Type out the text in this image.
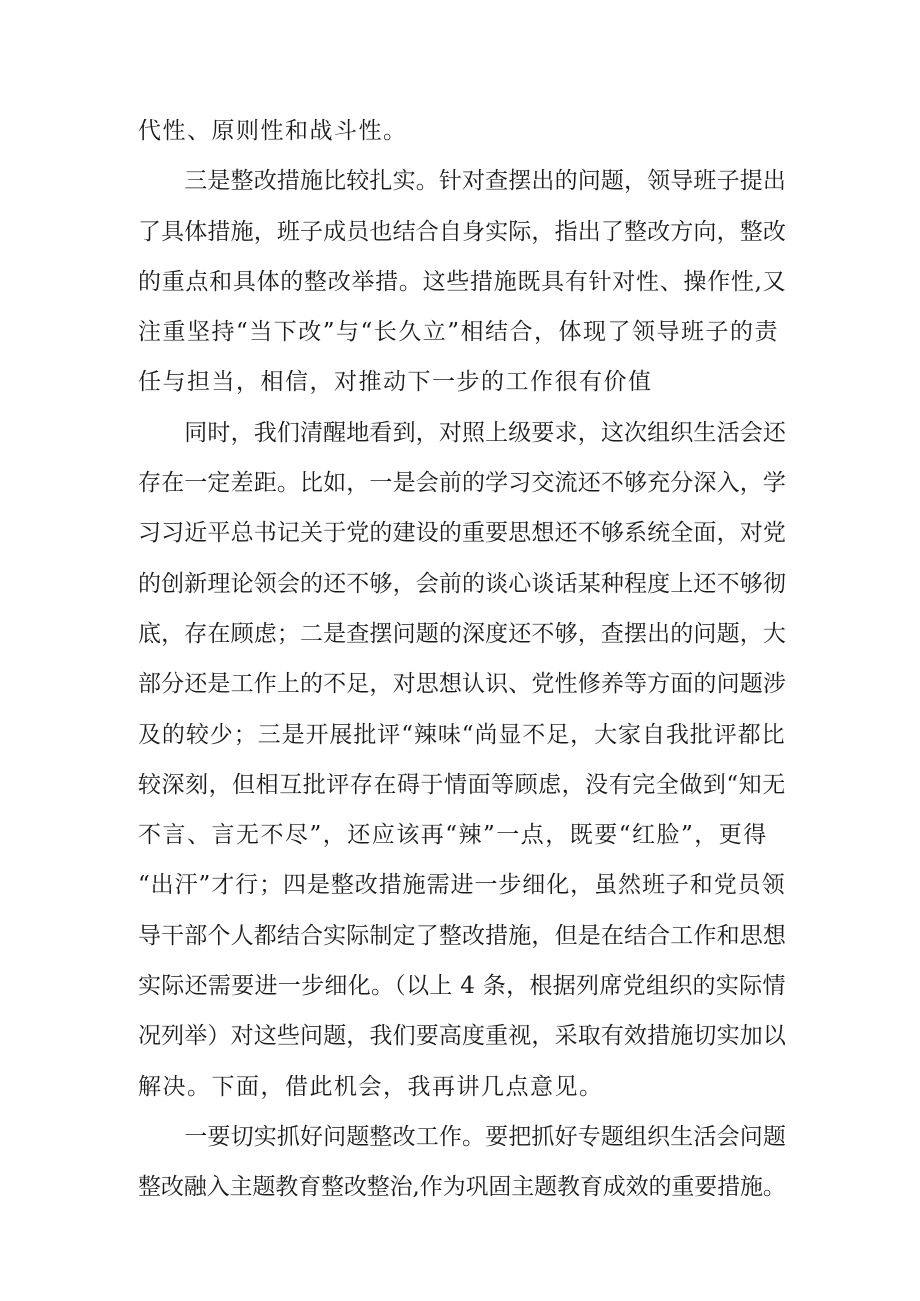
代性、原则性和战斗性。
　　三是整改措施比较扎实。针对查摆出的问题，领导班子提出
了具体措施，班子成员也结合自身实际，指出了整改方向，整改
的重点和具体的整改举措。这些措施既具有针对性、操作性,又
注重坚持“当下改”与“长久立”相结合，体现了领导班子的责
任与担当，相信，对推动下一步的工作很有价值
　　同时，我们清醒地看到，对照上级要求，这次组织生活会还
存在一定差距。比如，一是会前的学习交流还不够充分深入，学
习习近平总书记关于党的建设的重要思想还不够系统全面，对党
的创新理论领会的还不够，会前的谈心谈话某种程度上还不够彻
底，存在顾虑；二是查摆问题的深度还不够，查摆出的问题，大
部分还是工作上的不足，对思想认识、党性修养等方面的问题涉
及的较少；三是开展批评“辣味“尚显不足，大家自我批评都比
较深刻，但相互批评存在碍于情面等顾虑，没有完全做到“知无
不言、言无不尽”，还应该再“辣”一点，既要“红脸”，更得
“出汗”才行；四是整改措施需进一步细化，虽然班子和党员领
导干部个人都结合实际制定了整改措施，但是在结合工作和思想
实际还需要进一步细化。（以上 4 条，根据列席党组织的实际情
况列举）对这些问题，我们要高度重视，采取有效措施切实加以
解决。下面，借此机会，我再讲几点意见。
　　一要切实抓好问题整改工作。要把抓好专题组织生活会问题
整改融入主题教育整改整治,作为巩固主题教育成效的重要措施。
